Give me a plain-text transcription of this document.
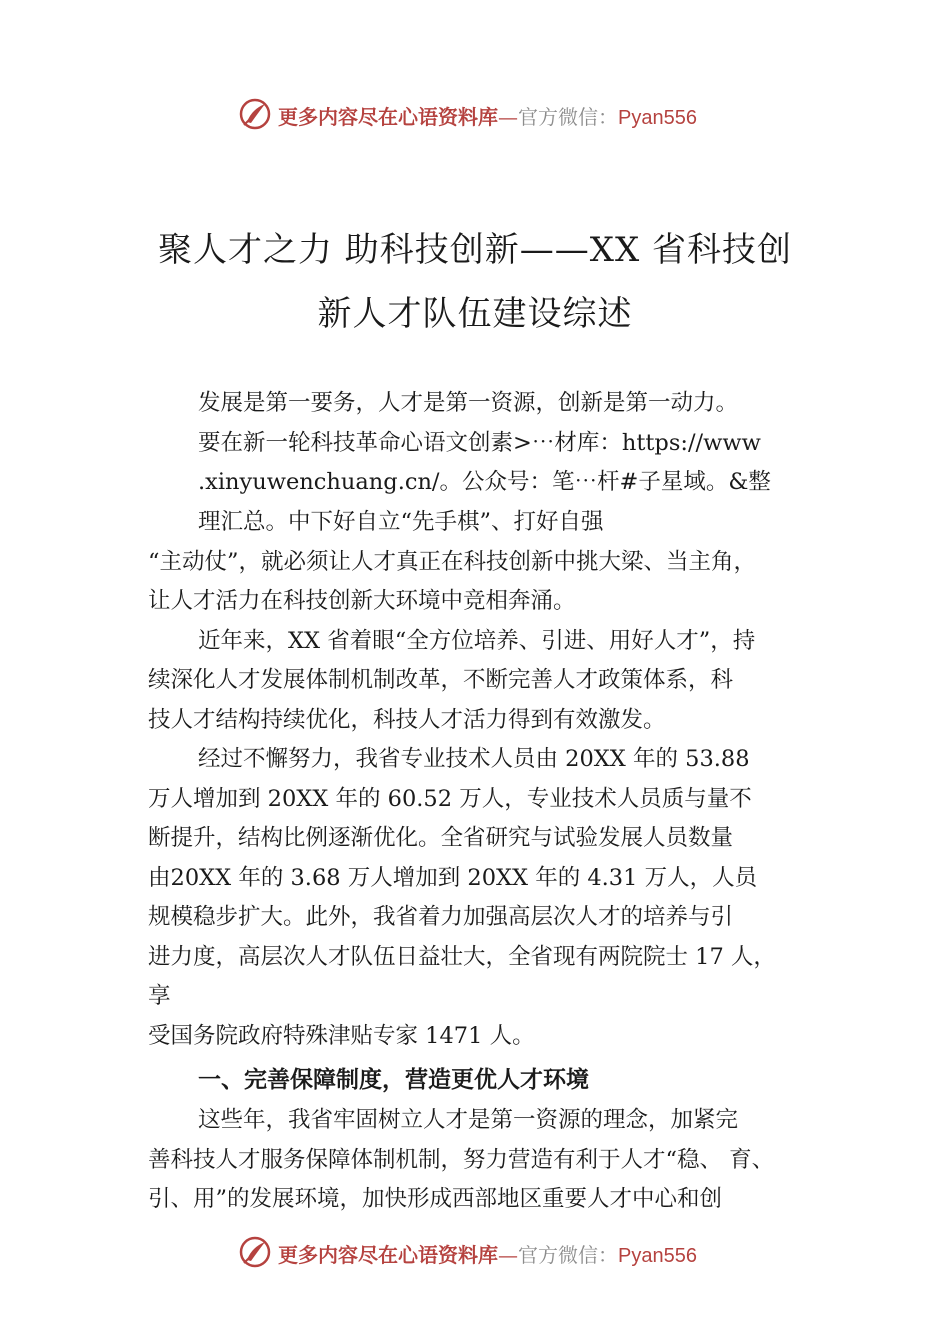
更多内容尽在心语资料库—官方微信：Pyan556
聚人才之力 助科技创新——XX 省科技创
新人才队伍建设综述
发展是第一要务，人才是第一资源，创新是第一动力。
要在新一轮科技革命心语文创素>⋯材库：https://www
.xinyuwenchuang.cn/。公众号：笔⋯杆#子星域。&整
理汇总。中下好自立“先手棋”、打好自强
“主动仗”，就必须让人才真正在科技创新中挑大梁、当主角，
让人才活力在科技创新大环境中竞相奔涌。
近年来，XX 省着眼“全方位培养、引进、用好人才”，持
续深化人才发展体制机制改革，不断完善人才政策体系，科
技人才结构持续优化，科技人才活力得到有效激发。
经过不懈努力，我省专业技术人员由 20XX 年的 53.88
万人增加到 20XX 年的 60.52 万人，专业技术人员质与量不
断提升，结构比例逐渐优化。全省研究与试验发展人员数量
由20XX 年的 3.68 万人增加到 20XX 年的 4.31 万人，人员
规模稳步扩大。此外，我省着力加强高层次人才的培养与引
进力度，高层次人才队伍日益壮大，全省现有两院院士 17 人，
享
受国务院政府特殊津贴专家 1471 人。
一、完善保障制度，营造更优人才环境
这些年，我省牢固树立人才是第一资源的理念，加紧完
善科技人才服务保障体制机制，努力营造有利于人才“稳、 育、
引、用”的发展环境，加快形成西部地区重要人才中心和创
更多内容尽在心语资料库—官方微信：Pyan556
